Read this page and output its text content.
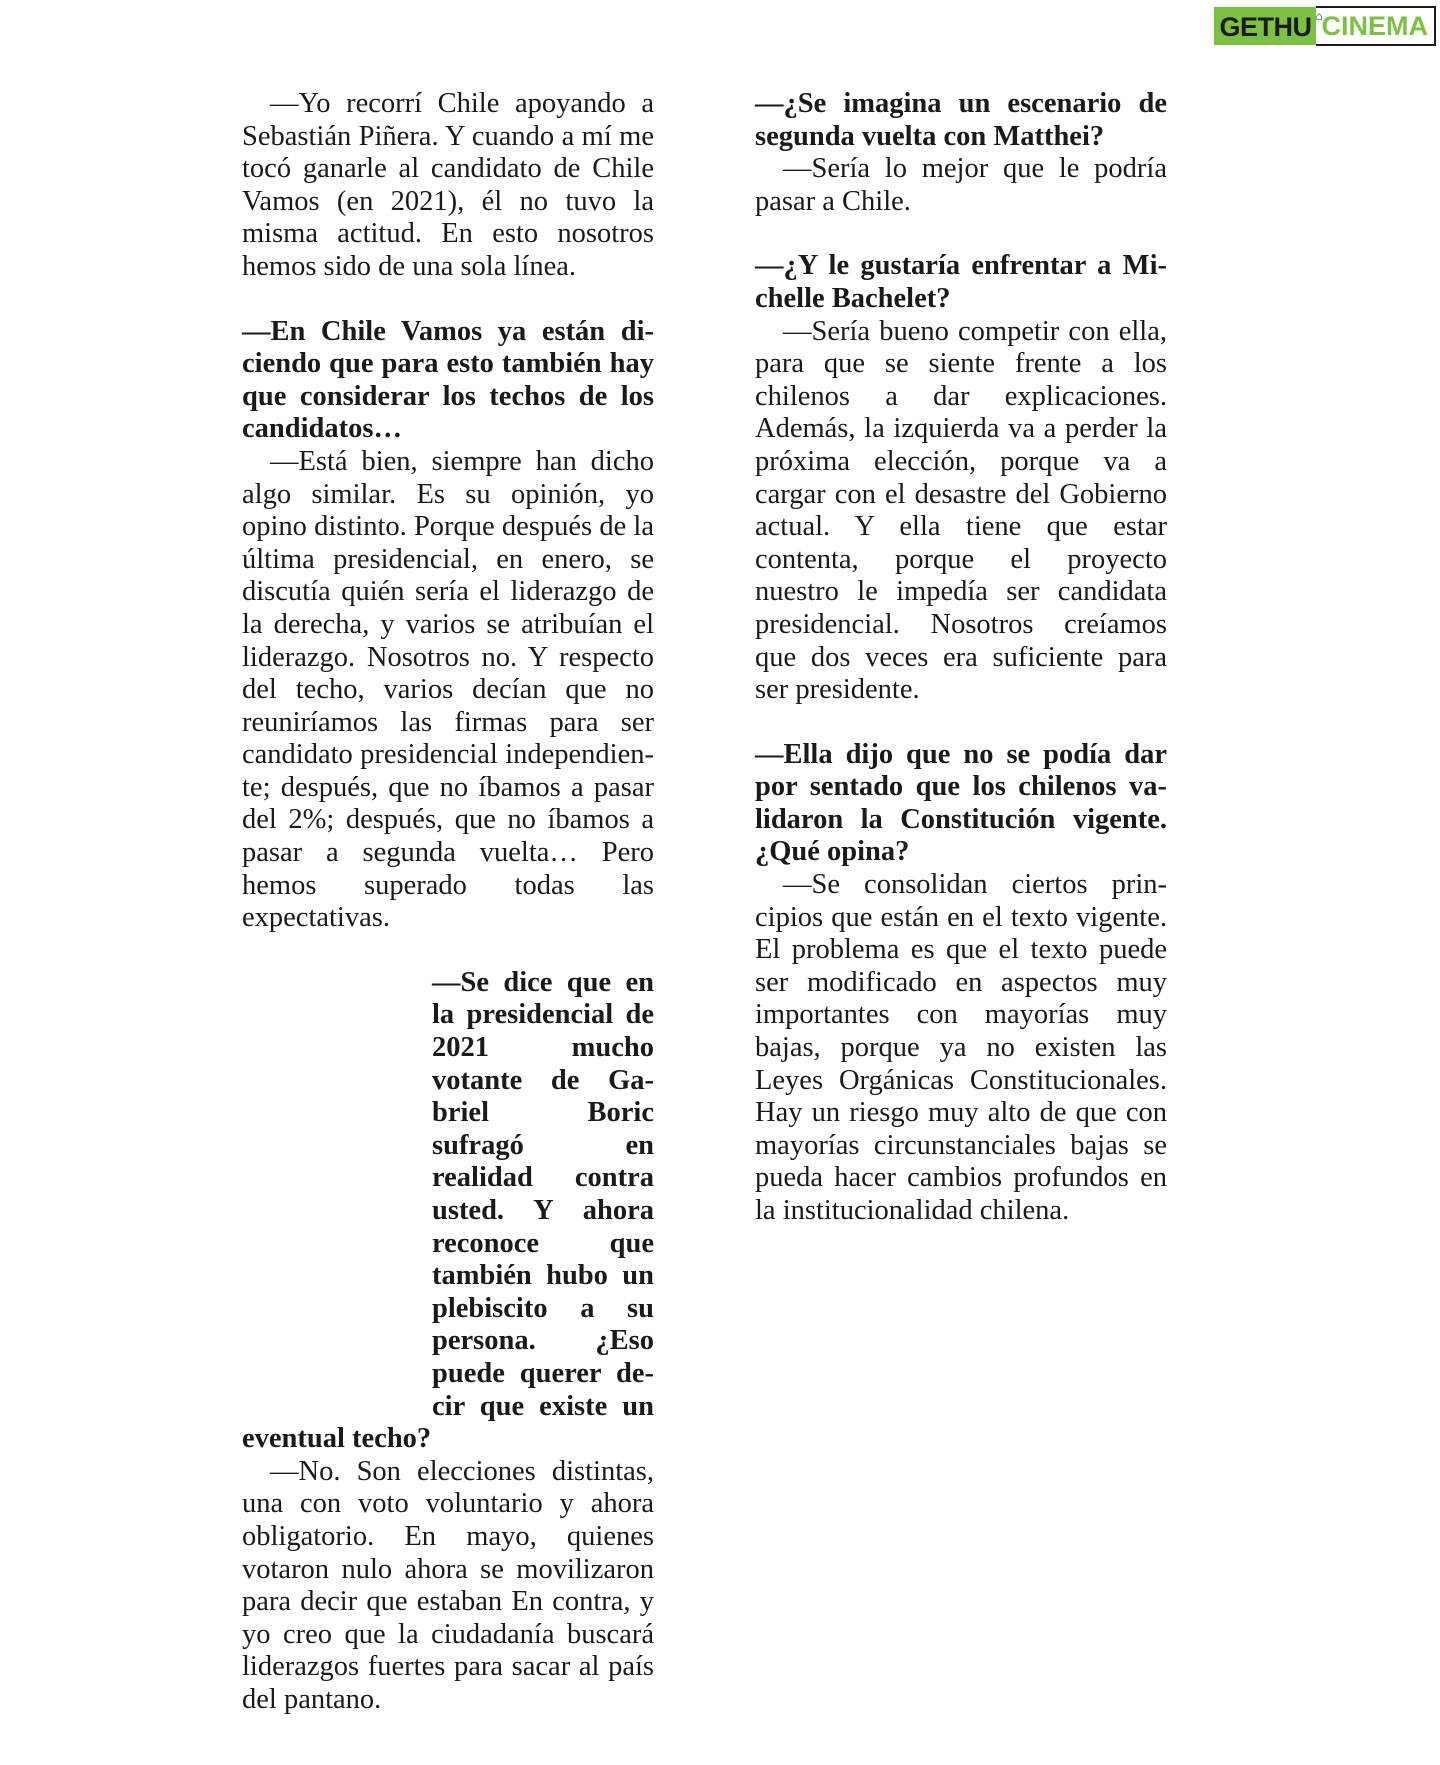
GETHU ⌂
CINEMA

—Yo recorrí Chile apoyando a Sebastián Piñera. Y cuando a mí me tocó ganarle al candidato de Chile Vamos (en 2021), él no tuvo la misma actitud. En esto nosotros hemos sido de una sola línea.

—En Chile Vamos ya están diciendo que para esto también hay que considerar los techos de los candidatos…

—Está bien, siempre han dicho algo similar. Es su opinión, yo opino distinto. Porque después de la última presidencial, en enero, se discutía quién sería el liderazgo de la derecha, y varios se atribuían el liderazgo. Nosotros no. Y respecto del techo, varios decían que no reuniríamos las firmas para ser candidato presidencial independiente; después, que no íbamos a pasar del 2%; después, que no íbamos a pasar a segunda vuelta… Pero hemos superado todas las expectativas.

—Se dice que en la presidencial de 2021 mucho votante de Gabriel Boric sufragó en realidad contra usted. Y ahora reconoce que también hubo un plebiscito a su persona. ¿Eso puede querer decir que existe un eventual techo?

—No. Son elecciones distintas, una con voto voluntario y ahora obligatorio. En mayo, quienes votaron nulo ahora se movilizaron para decir que estaban En contra, y yo creo que la ciudadanía buscará liderazgos fuertes para sacar al país del pantano.

—¿Se imagina un escenario de segunda vuelta con Matthei?

—Sería lo mejor que le podría pasar a Chile.

—¿Y le gustaría enfrentar a Michelle Bachelet?

—Sería bueno competir con ella, para que se siente frente a los chilenos a dar explicaciones. Además, la izquierda va a perder la próxima elección, porque va a cargar con el desastre del Gobierno actual. Y ella tiene que estar contenta, porque el proyecto nuestro le impedía ser candidata presidencial. Nosotros creíamos que dos veces era suficiente para ser presidente.

—Ella dijo que no se podía dar por sentado que los chilenos validaron la Constitución vigente. ¿Qué opina?

—Se consolidan ciertos principios que están en el texto vigente. El problema es que el texto puede ser modificado en aspectos muy importantes con mayorías muy bajas, porque ya no existen las Leyes Orgánicas Constitucionales. Hay un riesgo muy alto de que con mayorías circunstanciales bajas se pueda hacer cambios profundos en la institucionalidad chilena.
